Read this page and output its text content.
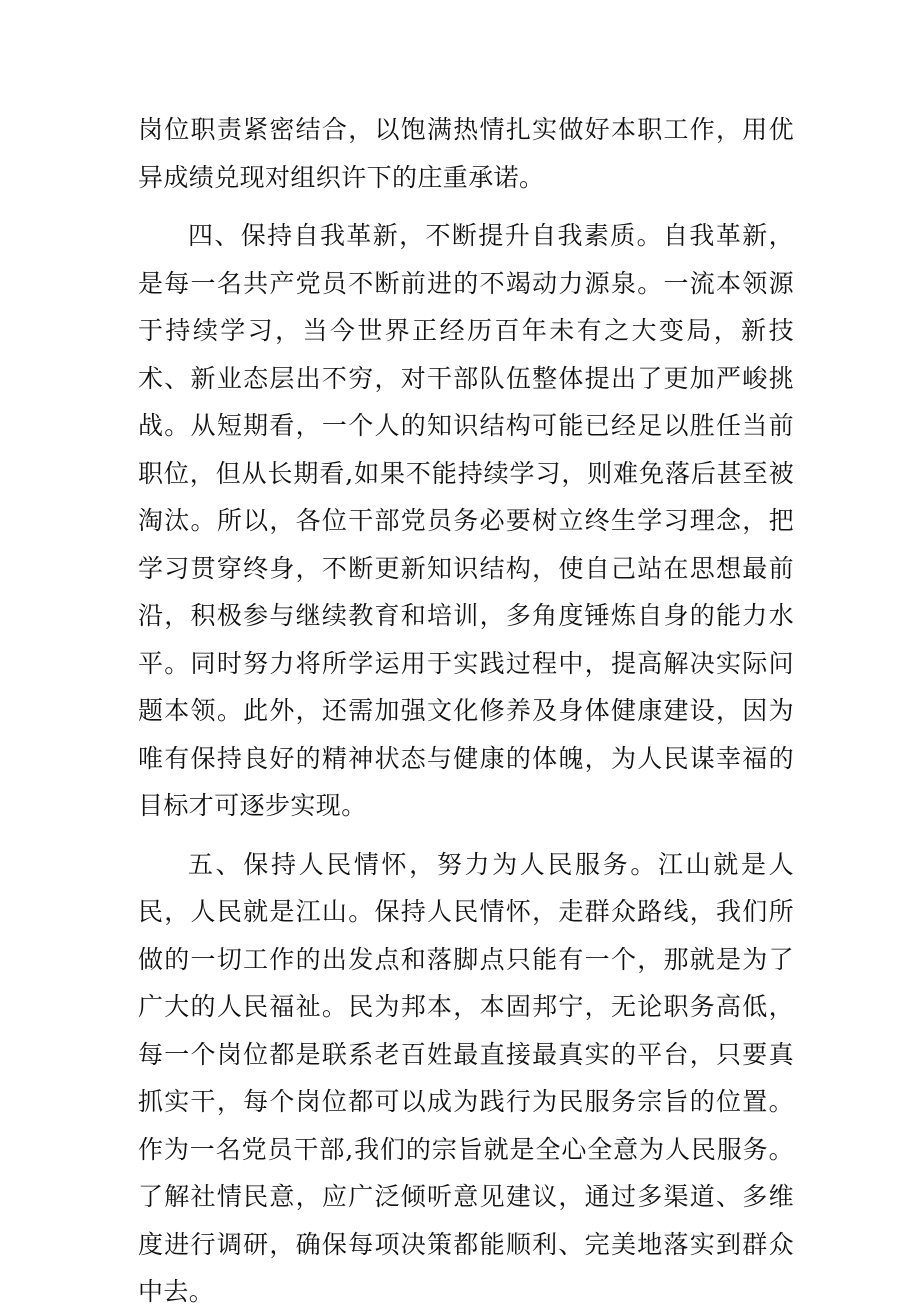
岗位职责紧密结合，以饱满热情扎实做好本职工作，用优异成绩兑现对组织许下的庄重承诺。

四、保持自我革新，不断提升自我素质。自我革新，是每一名共产党员不断前进的不竭动力源泉。一流本领源于持续学习，当今世界正经历百年未有之大变局，新技术、新业态层出不穷，对干部队伍整体提出了更加严峻挑战。从短期看，一个人的知识结构可能已经足以胜任当前职位，但从长期看,如果不能持续学习，则难免落后甚至被淘汰。所以，各位干部党员务必要树立终生学习理念，把学习贯穿终身，不断更新知识结构，使自己站在思想最前沿，积极参与继续教育和培训，多角度锤炼自身的能力水平。同时努力将所学运用于实践过程中，提高解决实际问题本领。此外，还需加强文化修养及身体健康建设，因为唯有保持良好的精神状态与健康的体魄，为人民谋幸福的目标才可逐步实现。

五、保持人民情怀，努力为人民服务。江山就是人民，人民就是江山。保持人民情怀，走群众路线，我们所做的一切工作的出发点和落脚点只能有一个，那就是为了广大的人民福祉。民为邦本，本固邦宁，无论职务高低，每一个岗位都是联系老百姓最直接最真实的平台，只要真抓实干，每个岗位都可以成为践行为民服务宗旨的位置。作为一名党员干部,我们的宗旨就是全心全意为人民服务。了解社情民意，应广泛倾听意见建议，通过多渠道、多维度进行调研，确保每项决策都能顺利、完美地落实到群众中去。
